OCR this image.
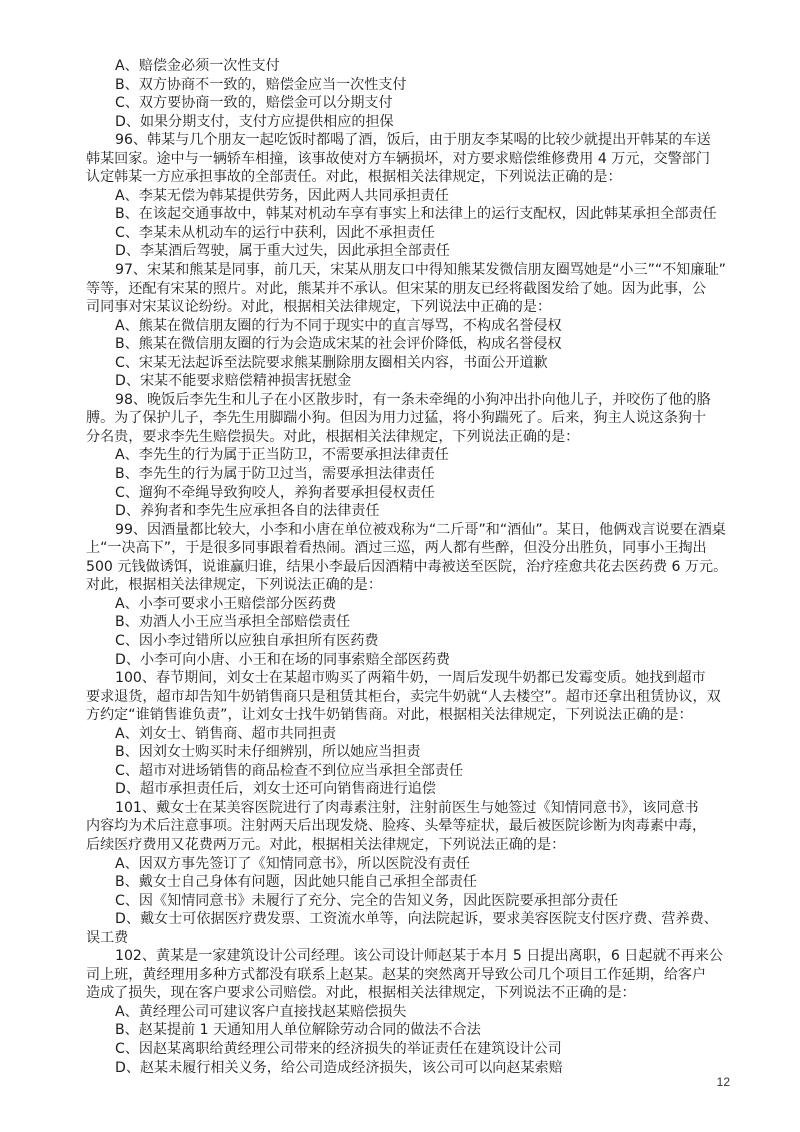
A、赔偿金必须一次性支付
B、双方协商不一致的，赔偿金应当一次性支付
C、双方要协商一致的，赔偿金可以分期支付
D、如果分期支付，支付方应提供相应的担保
96、韩某与几个朋友一起吃饭时都喝了酒，饭后，由于朋友李某喝的比较少就提出开韩某的车送
韩某回家。途中与一辆轿车相撞，该事故使对方车辆损坏，对方要求赔偿维修费用 4 万元，交警部门
认定韩某一方应承担事故的全部责任。对此，根据相关法律规定，下列说法正确的是：
A、李某无偿为韩某提供劳务，因此两人共同承担责任
B、在该起交通事故中，韩某对机动车享有事实上和法律上的运行支配权，因此韩某承担全部责任
C、李某未从机动车的运行中获利，因此不承担责任
D、李某酒后驾驶，属于重大过失，因此承担全部责任
97、宋某和熊某是同事，前几天，宋某从朋友口中得知熊某发微信朋友圈骂她是“小三”“不知廉耻”
等等，还配有宋某的照片。对此，熊某并不承认。但宋某的朋友已经将截图发给了她。因为此事，公
司同事对宋某议论纷纷。对此，根据相关法律规定，下列说法中正确的是：
A、熊某在微信朋友圈的行为不同于现实中的直言辱骂，不构成名誉侵权
B、熊某在微信朋友圈的行为会造成宋某的社会评价降低，构成名誉侵权
C、宋某无法起诉至法院要求熊某删除朋友圈相关内容，书面公开道歉
D、宋某不能要求赔偿精神损害抚慰金
98、晚饭后李先生和儿子在小区散步时，有一条未牵绳的小狗冲出扑向他儿子，并咬伤了他的胳
膊。为了保护儿子，李先生用脚踹小狗。但因为用力过猛，将小狗踹死了。后来，狗主人说这条狗十
分名贵，要求李先生赔偿损失。对此，根据相关法律规定，下列说法正确的是：
A、李先生的行为属于正当防卫，不需要承担法律责任
B、李先生的行为属于防卫过当，需要承担法律责任
C、遛狗不牵绳导致狗咬人，养狗者要承担侵权责任
D、养狗者和李先生应承担各自的法律责任
99、因酒量都比较大，小李和小唐在单位被戏称为“二斤哥”和“酒仙”。某日，他俩戏言说要在酒桌
上“一决高下”，于是很多同事跟着看热闹。酒过三巡，两人都有些醉，但没分出胜负，同事小王掏出
500 元钱做诱饵，说谁赢归谁，结果小李最后因酒精中毒被送至医院，治疗痊愈共花去医药费 6 万元。
对此，根据相关法律规定，下列说法正确的是：
A、小李可要求小王赔偿部分医药费
B、劝酒人小王应当承担全部赔偿责任
C、因小李过错所以应独自承担所有医药费
D、小李可向小唐、小王和在场的同事索赔全部医药费
100、春节期间，刘女士在某超市购买了两箱牛奶，一周后发现牛奶都已发霉变质。她找到超市
要求退货，超市却告知牛奶销售商只是租赁其柜台，卖完牛奶就“人去楼空”。超市还拿出租赁协议，双
方约定“谁销售谁负责”，让刘女士找牛奶销售商。对此，根据相关法律规定，下列说法正确的是：
A、刘女士、销售商、超市共同担责
B、因刘女士购买时未仔细辨别，所以她应当担责
C、超市对进场销售的商品检查不到位应当承担全部责任
D、超市承担责任后，刘女士还可向销售商进行追偿
101、戴女士在某美容医院进行了肉毒素注射，注射前医生与她签过《知情同意书》，该同意书
内容均为术后注意事项。注射两天后出现发烧、脸疼、头晕等症状，最后被医院诊断为肉毒素中毒，
后续医疗费用又花费两万元。对此，根据相关法律规定，下列说法正确的是：
A、因双方事先签订了《知情同意书》，所以医院没有责任
B、戴女士自己身体有问题，因此她只能自己承担全部责任
C、因《知情同意书》未履行了充分、完全的告知义务，因此医院要承担部分责任
D、戴女士可依据医疗费发票、工资流水单等，向法院起诉，要求美容医院支付医疗费、营养费、
误工费
102、黄某是一家建筑设计公司经理。该公司设计师赵某于本月 5 日提出离职，6 日起就不再来公
司上班，黄经理用多种方式都没有联系上赵某。赵某的突然离开导致公司几个项目工作延期，给客户
造成了损失，现在客户要求公司赔偿。对此，根据相关法律规定，下列说法不正确的是：
A、黄经理公司可建议客户直接找赵某赔偿损失
B、赵某提前 1 天通知用人单位解除劳动合同的做法不合法
C、因赵某离职给黄经理公司带来的经济损失的举证责任在建筑设计公司
D、赵某未履行相关义务，给公司造成经济损失，该公司可以向赵某索赔
12
